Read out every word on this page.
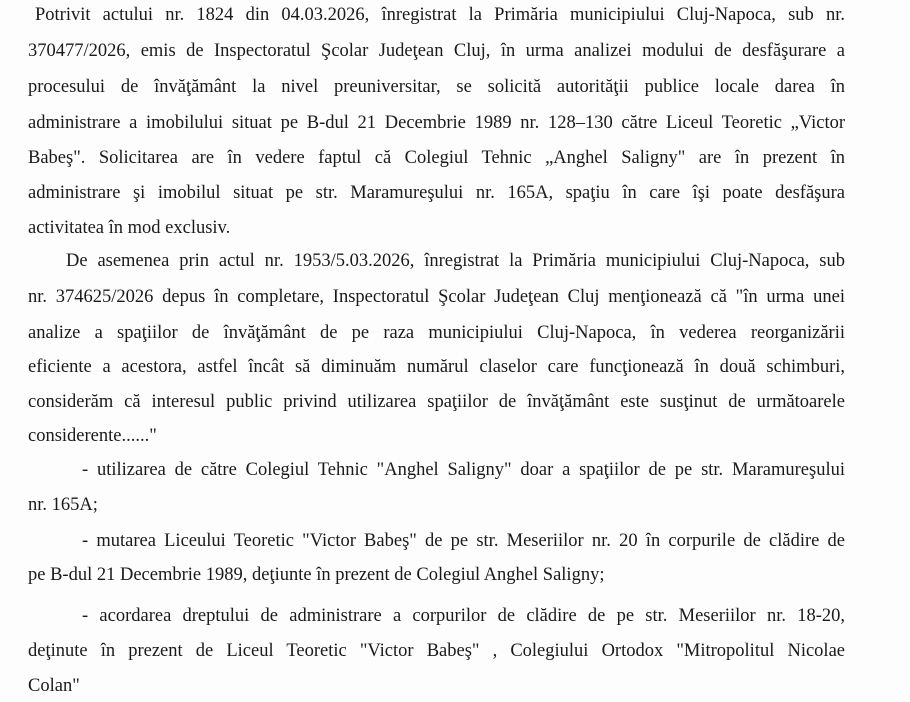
Potrivit actului nr. 1824 din 04.03.2026, înregistrat la Primăria municipiului Cluj-Napoca, sub nr.

370477/2026, emis de Inspectoratul Şcolar Judeţean Cluj, în urma analizei modului de desfăşurare a

procesului de învăţământ la nivel preuniversitar, se solicită autorităţii publice locale darea în

administrare a imobilului situat pe B-dul 21 Decembrie 1989 nr. 128–130 către Liceul Teoretic „Victor

Babeş". Solicitarea are în vedere faptul că Colegiul Tehnic „Anghel Saligny" are în prezent în

administrare şi imobilul situat pe str. Maramureşului nr. 165A, spaţiu în care îşi poate desfăşura

activitatea în mod exclusiv.

De asemenea prin actul nr. 1953/5.03.2026, înregistrat la Primăria municipiului Cluj-Napoca, sub

nr. 374625/2026 depus în completare, Inspectoratul Şcolar Judeţean Cluj menţionează că "în urma unei

analize a spaţiilor de învăţământ de pe raza municipiului Cluj-Napoca, în vederea reorganizării

eficiente a acestora, astfel încât să diminuăm numărul claselor care funcţionează în două schimburi,

considerăm că interesul public privind utilizarea spaţiilor de învăţământ este susţinut de următoarele

considerente......"

- utilizarea de către Colegiul Tehnic "Anghel Saligny" doar a spaţiilor de pe str. Maramureşului

nr. 165A;

- mutarea Liceului Teoretic "Victor Babeş" de pe str. Meseriilor nr. 20 în corpurile de clădire de

pe B-dul 21 Decembrie 1989, deţiunte în prezent de Colegiul Anghel Saligny;

- acordarea dreptului de administrare a corpurilor de clădire de pe str. Meseriilor nr. 18-20,

deţinute în prezent de Liceul Teoretic "Victor Babeş" , Colegiului Ortodox "Mitropolitul Nicolae

Colan"
